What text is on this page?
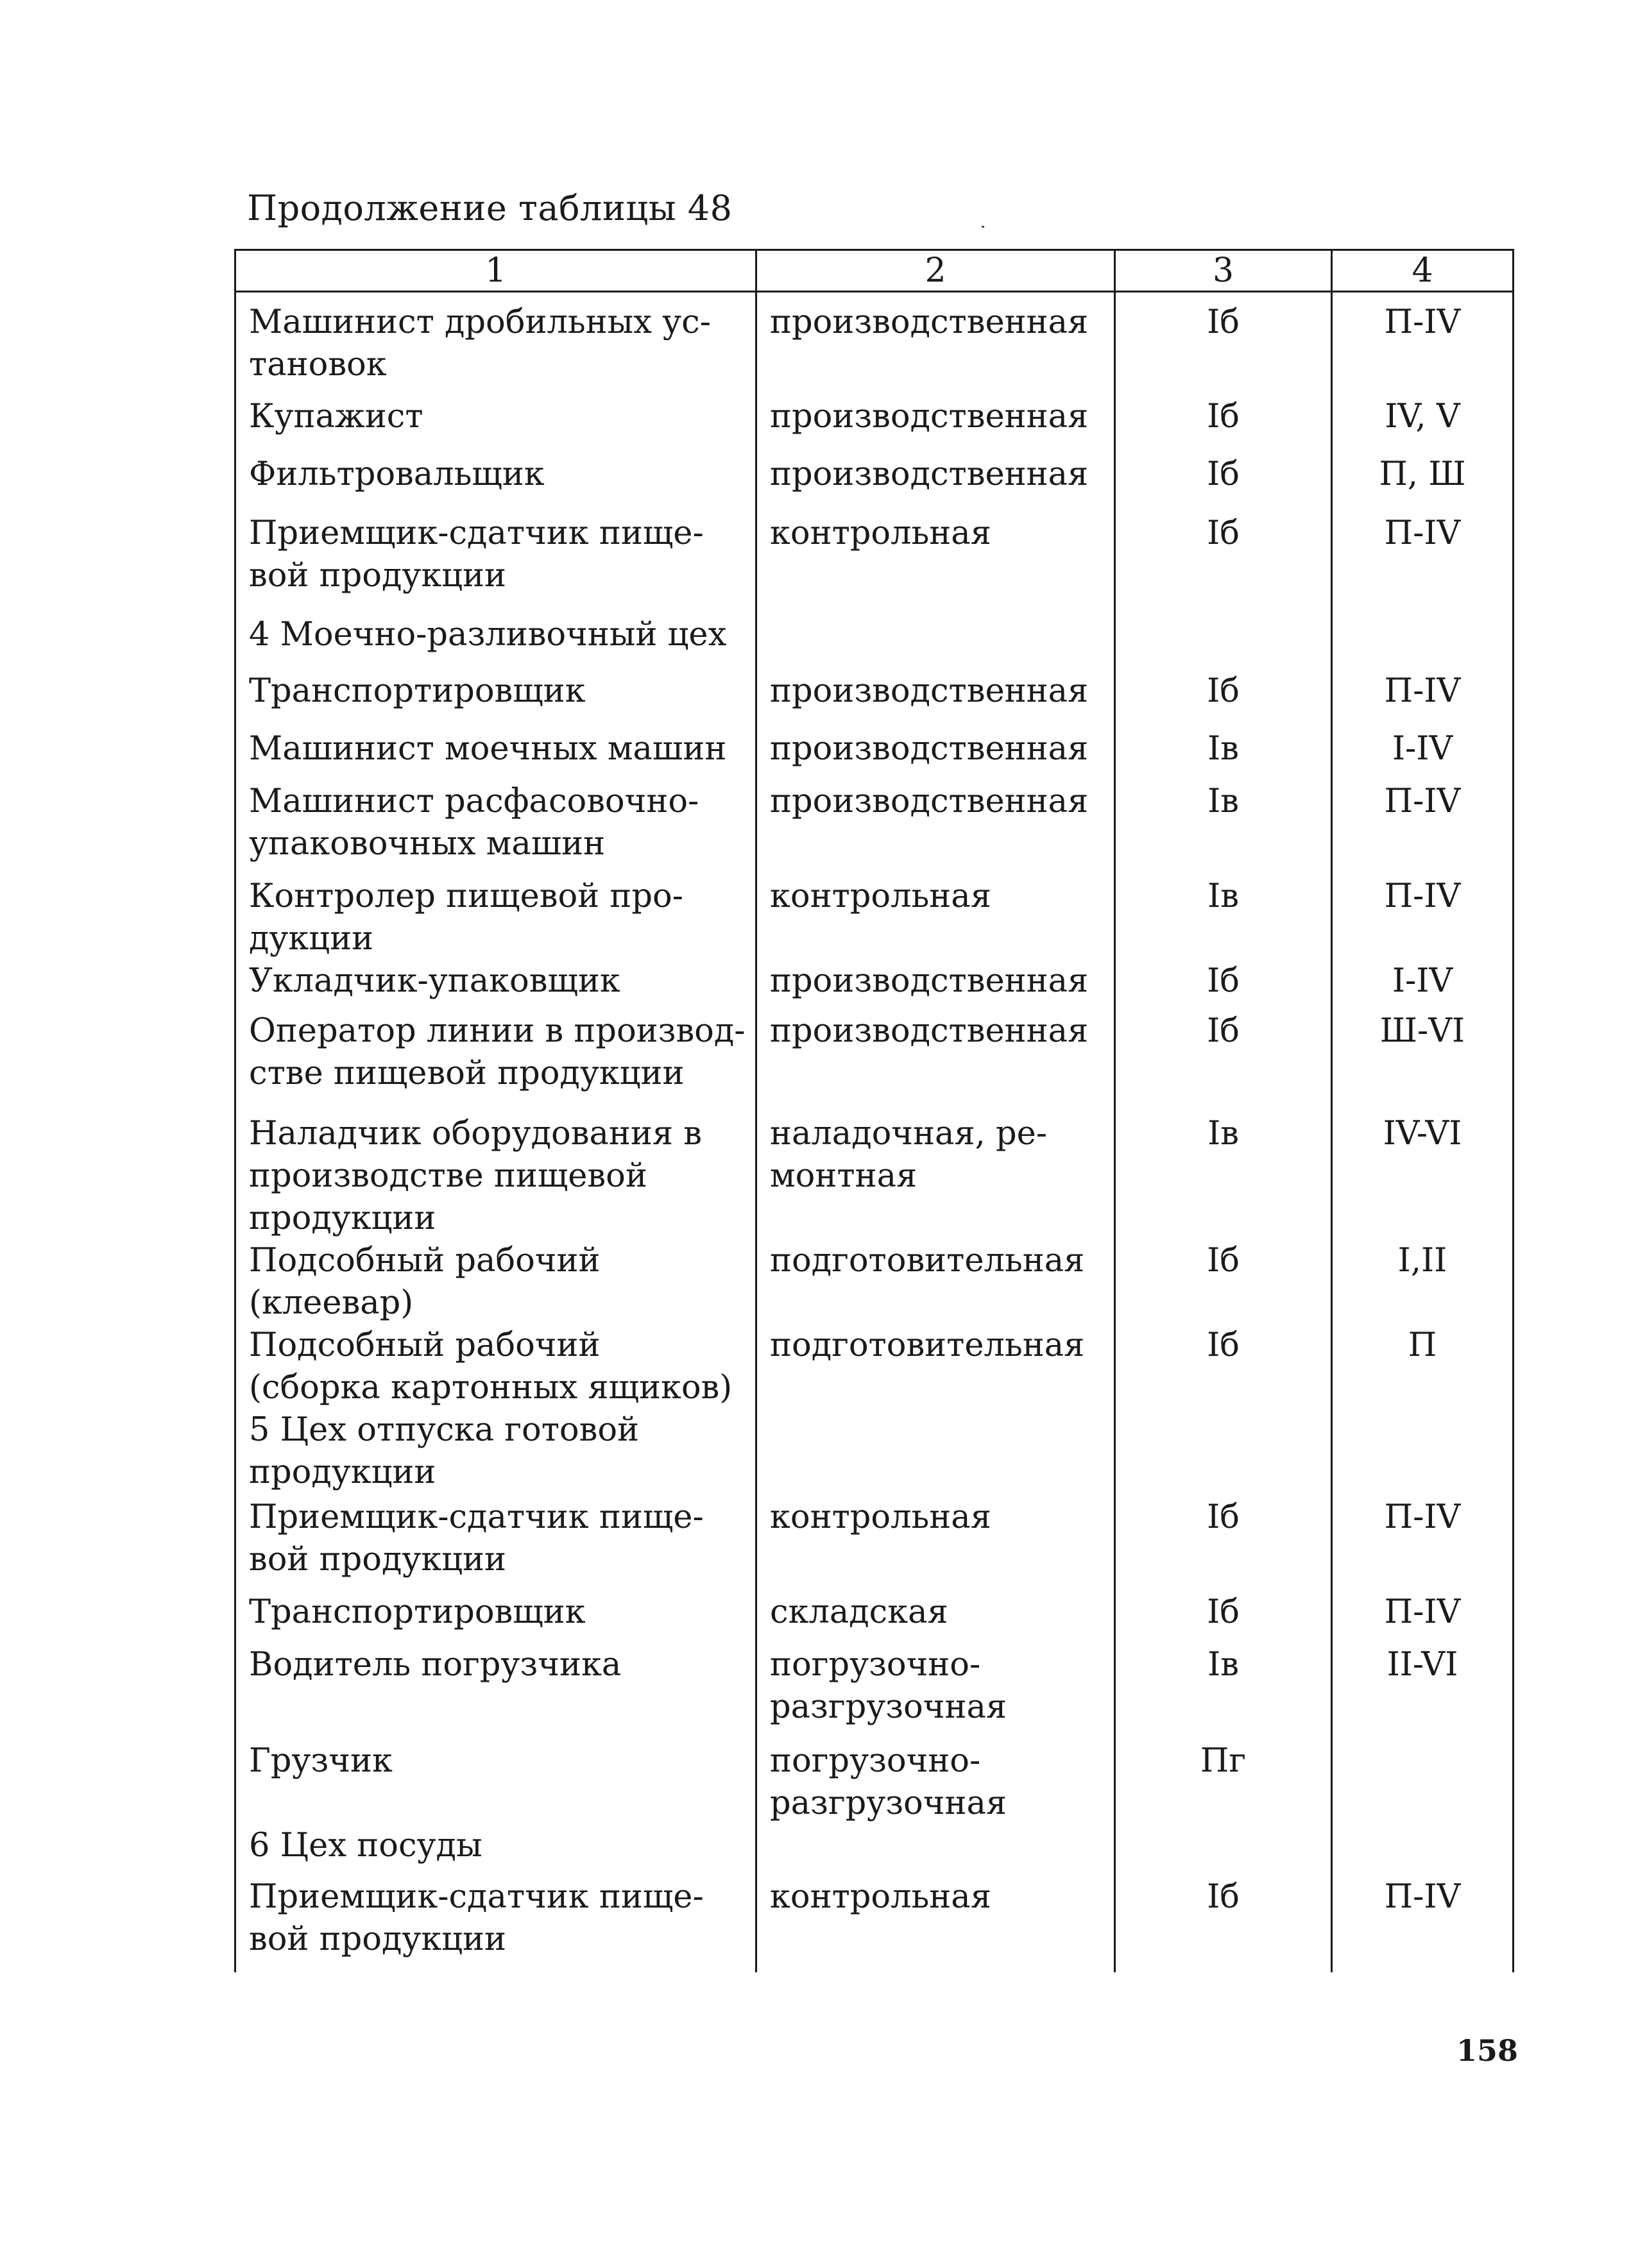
Продолжение таблицы 48
1	2	3	4
Машинист дробильных ус-
тановок	производственная	Iб	П-IV
Купажист	производственная	Iб	IV, V
Фильтровальщик	производственная	Iб	П, Ш
Приемщик-сдатчик пище-
вой продукции	контрольная	Iб	П-IV
4 Моечно-разливочный цех			
Транспортировщик	производственная	Iб	П-IV
Машинист моечных машин	производственная	Iв	I-IV
Машинист расфасовочно-
упаковочных машин	производственная	Iв	П-IV
Контролер пищевой про-
дукции	контрольная	Iв	П-IV
Укладчик-упаковщик	производственная	Iб	I-IV
Оператор линии в производ-
стве пищевой продукции	производственная	Iб	Ш-VI
Наладчик оборудования в
производстве пищевой
продукции	наладочная, ре-
монтная	Iв	IV-VI
Подсобный рабочий
(клеевар)	подготовительная	Iб	I,II
Подсобный рабочий
(сборка картонных ящиков)	подготовительная	Iб	П
5 Цех отпуска готовой
продукции			
Приемщик-сдатчик пище-
вой продукции	контрольная	Iб	П-IV
Транспортировщик	складская	Iб	П-IV
Водитель погрузчика	погрузочно-
разгрузочная	Iв	II-VI
Грузчик	погрузочно-
разгрузочная	Пг	
6 Цех посуды			
Приемщик-сдатчик пище-
вой продукции	контрольная	Iб	П-IV
158
